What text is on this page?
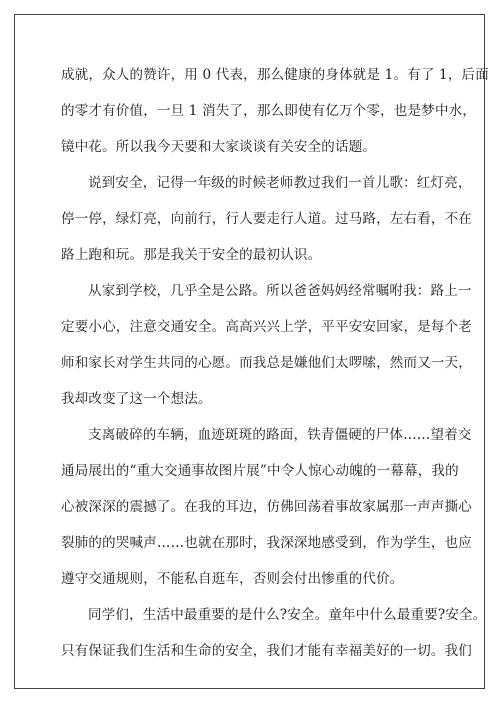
成就，众人的赞许，用 0 代表，那么健康的身体就是 1。有了 1，后面
的零才有价值，一旦 1 消失了，那么即使有亿万个零，也是梦中水，
镜中花。所以我今天要和大家谈谈有关安全的话题。
说到安全，记得一年级的时候老师教过我们一首儿歌：红灯亮，
停一停，绿灯亮，向前行，行人要走行人道。过马路，左右看，不在
路上跑和玩。那是我关于安全的最初认识。
从家到学校，几乎全是公路。所以爸爸妈妈经常嘱咐我：路上一
定要小心，注意交通安全。高高兴兴上学，平平安安回家，是每个老
师和家长对学生共同的心愿。而我总是嫌他们太啰嗦，然而又一天，
我却改变了这一个想法。
支离破碎的车辆，血迹斑斑的路面，铁青僵硬的尸体……望着交
通局展出的“重大交通事故图片展”中令人惊心动魄的一幕幕，我的
心被深深的震撼了。在我的耳边，仿佛回荡着事故家属那一声声撕心
裂肺的的哭喊声……也就在那时，我深深地感受到，作为学生，也应
遵守交通规则，不能私自逛车，否则会付出惨重的代价。
同学们，生活中最重要的是什么?安全。童年中什么最重要?安全。
只有保证我们生活和生命的安全，我们才能有幸福美好的一切。我们
